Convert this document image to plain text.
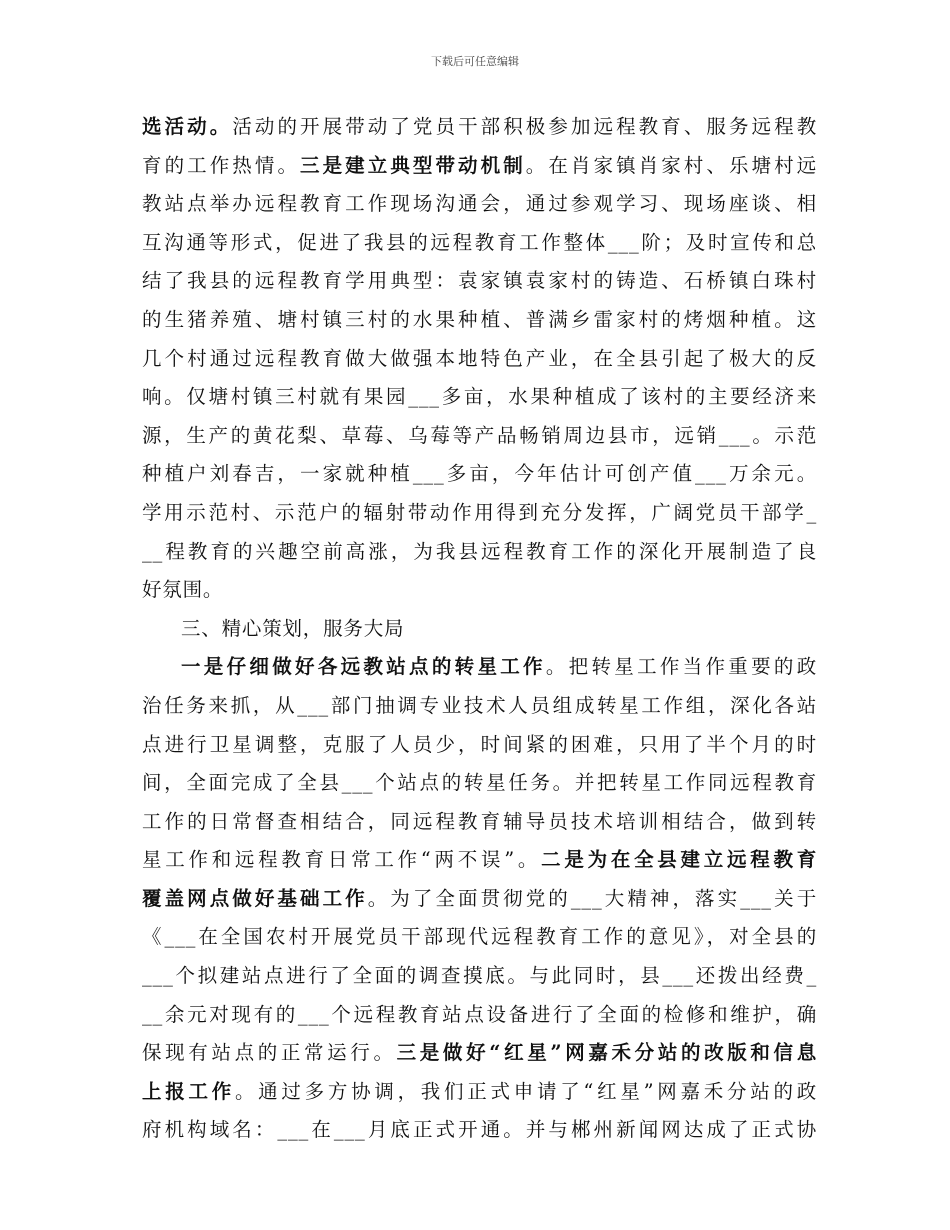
下载后可任意编辑
选活动。活动的开展带动了党员干部积极参加远程教育、服务远程教
育的工作热情。三是建立典型带动机制。在肖家镇肖家村、乐塘村远
教站点举办远程教育工作现场沟通会，通过参观学习、现场座谈、相
互沟通等形式，促进了我县的远程教育工作整体___阶；及时宣传和总
结了我县的远程教育学用典型：袁家镇袁家村的铸造、石桥镇白珠村
的生猪养殖、塘村镇三村的水果种植、普满乡雷家村的烤烟种植。这
几个村通过远程教育做大做强本地特色产业，在全县引起了极大的反
响。仅塘村镇三村就有果园___多亩，水果种植成了该村的主要经济来
源，生产的黄花梨、草莓、乌莓等产品畅销周边县市，远销___。示范
种植户刘春吉，一家就种植___多亩，今年估计可创产值___万余元。
学用示范村、示范户的辐射带动作用得到充分发挥，广阔党员干部学_
__程教育的兴趣空前高涨，为我县远程教育工作的深化开展制造了良
好氛围。
三、精心策划，服务大局
一是仔细做好各远教站点的转星工作。把转星工作当作重要的政
治任务来抓，从___部门抽调专业技术人员组成转星工作组，深化各站
点进行卫星调整，克服了人员少，时间紧的困难，只用了半个月的时
间，全面完成了全县___个站点的转星任务。并把转星工作同远程教育
工作的日常督查相结合，同远程教育辅导员技术培训相结合，做到转
星工作和远程教育日常工作“两不误”。二是为在全县建立远程教育
覆盖网点做好基础工作。为了全面贯彻党的___大精神，落实___关于
《___在全国农村开展党员干部现代远程教育工作的意见》，对全县的
___个拟建站点进行了全面的调查摸底。与此同时，县___还拨出经费_
__余元对现有的___个远程教育站点设备进行了全面的检修和维护，确
保现有站点的正常运行。三是做好“红星”网嘉禾分站的改版和信息
上报工作。通过多方协调，我们正式申请了“红星”网嘉禾分站的政
府机构域名：___在___月底正式开通。并与郴州新闻网达成了正式协
